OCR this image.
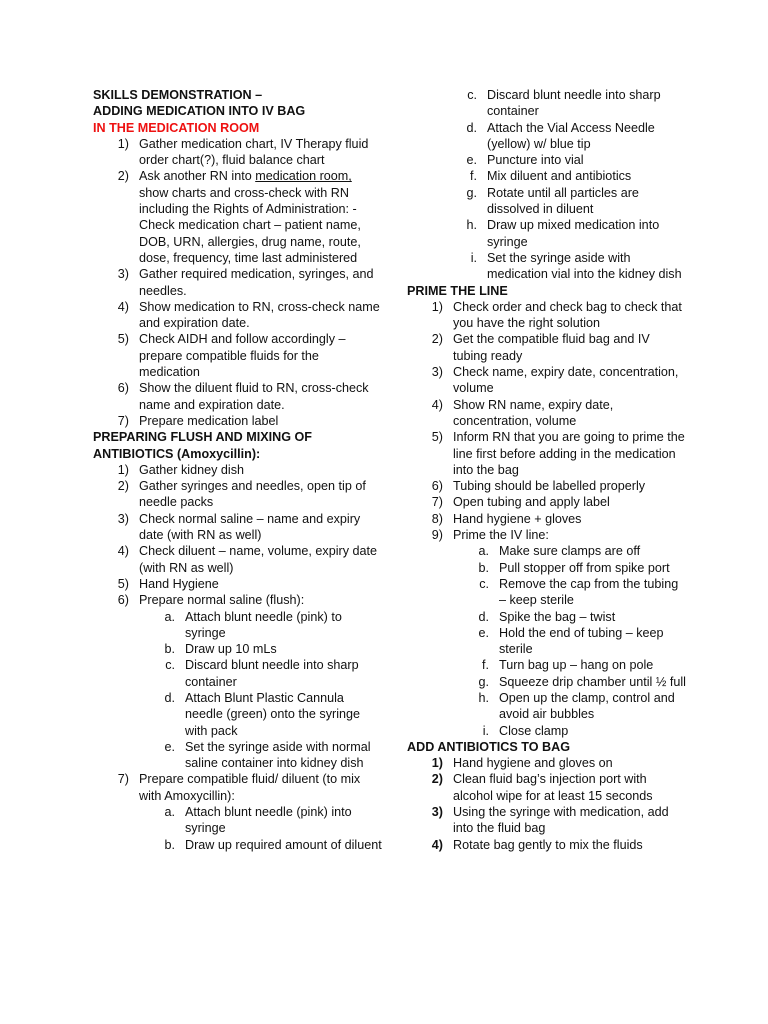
SKILLS DEMONSTRATION –
ADDING MEDICATION INTO IV BAG
IN THE MEDICATION ROOM
1) Gather medication chart, IV Therapy fluid order chart(?), fluid balance chart
2) Ask another RN into medication room, show charts and cross-check with RN including the Rights of Administration: - Check medication chart – patient name, DOB, URN, allergies, drug name, route, dose, frequency, time last administered
3) Gather required medication, syringes, and needles.
4) Show medication to RN, cross-check name and expiration date.
5) Check AIDH and follow accordingly – prepare compatible fluids for the medication
6) Show the diluent fluid to RN, cross-check name and expiration date.
7) Prepare medication label
PREPARING FLUSH AND MIXING OF ANTIBIOTICS (Amoxycillin):
1) Gather kidney dish
2) Gather syringes and needles, open tip of needle packs
3) Check normal saline – name and expiry date (with RN as well)
4) Check diluent – name, volume, expiry date (with RN as well)
5) Hand Hygiene
6) Prepare normal saline (flush):
a. Attach blunt needle (pink) to syringe
b. Draw up 10 mLs
c. Discard blunt needle into sharp container
d. Attach Blunt Plastic Cannula needle (green) onto the syringe with pack
e. Set the syringe aside with normal saline container into kidney dish
7) Prepare compatible fluid/ diluent (to mix with Amoxycillin):
a. Attach blunt needle (pink) into syringe
b. Draw up required amount of diluent
c. Discard blunt needle into sharp container
d. Attach the Vial Access Needle (yellow) w/ blue tip
e. Puncture into vial
f. Mix diluent and antibiotics
g. Rotate until all particles are dissolved in diluent
h. Draw up mixed medication into syringe
i. Set the syringe aside with medication vial into the kidney dish
PRIME THE LINE
1) Check order and check bag to check that you have the right solution
2) Get the compatible fluid bag and IV tubing ready
3) Check name, expiry date, concentration, volume
4) Show RN name, expiry date, concentration, volume
5) Inform RN that you are going to prime the line first before adding in the medication into the bag
6) Tubing should be labelled properly
7) Open tubing and apply label
8) Hand hygiene + gloves
9) Prime the IV line:
a. Make sure clamps are off
b. Pull stopper off from spike port
c. Remove the cap from the tubing – keep sterile
d. Spike the bag – twist
e. Hold the end of tubing – keep sterile
f. Turn bag up – hang on pole
g. Squeeze drip chamber until ½ full
h. Open up the clamp, control and avoid air bubbles
i. Close clamp
ADD ANTIBIOTICS TO BAG
1) Hand hygiene and gloves on
2) Clean fluid bag’s injection port with alcohol wipe for at least 15 seconds
3) Using the syringe with medication, add into the fluid bag
4) Rotate bag gently to mix the fluids
